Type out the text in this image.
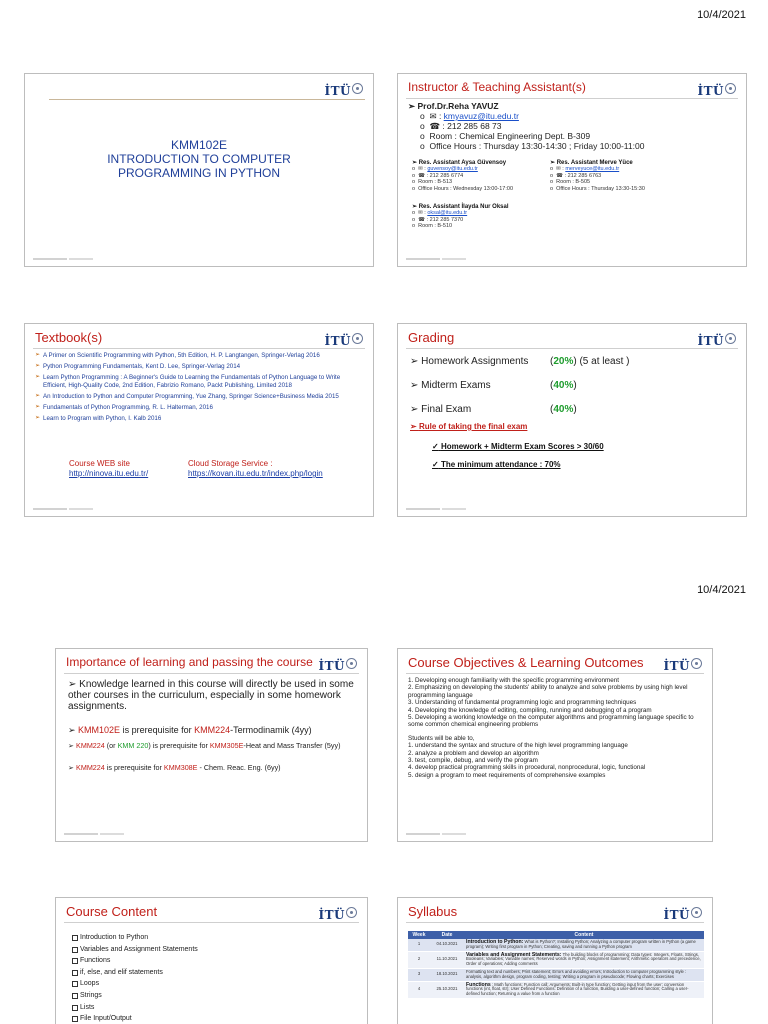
10/4/2021
10/4/2021
İTÜ
KMM102E
INTRODUCTION TO COMPUTER
PROGRAMMING IN PYTHON
Instructor & Teaching Assistant(s)	İTÜ
➢ Prof.Dr.Reha YAVUZ
o  ✉ : kmyavuz@itu.edu.tr
o  ☎ : 212 285 68 73
o  Room : Chemical Engineering Dept. B-309
o  Office Hours : Thursday 13:30-14:30 ; Friday 10:00-11:00
➢ Res. Assistant Aysa Güvensoy
o  ✉ : guvensoy@itu.edu.tr
o  ☎ : 212 285 6774
o  Room : B-513
o  Office Hours : Wednesday 13:00-17:00
➢ Res. Assistant Merve Yüce
o  ✉ : merveyuce@itu.edu.tr
o  ☎ : 212 285 6763
o  Room : B-505
o  Office Hours : Thursday 13:30-15:30
➢ Res. Assistant İlayda Nur Oksal
o  ✉ : oksal@itu.edu.tr
o  ☎ : 212 285 7370
o  Room : B-510
Textbook(s)	İTÜ
➢ A Primer on Scientific Programming with Python, 5th Edition, H. P. Langtangen, Springer-Verlag 2016
➢ Python Programming Fundamentals, Kent D. Lee, Springer-Verlag 2014
➢ Learn Python Programming : A Beginner's Guide to Learning the Fundamentals of Python Language to Write Efficient, High-Quality Code, 2nd Edition, Fabrizio Romano, Packt Publishing, Limited 2018
➢ An Introduction to Python and Computer Programming, Yue Zhang, Springer Science+Business Media 2015
➢ Fundamentals of Python Programming, R. L. Halterman, 2016
➢ Learn to Program with Python, I. Kalb 2016
Course WEB site
http://ninova.itu.edu.tr/
Cloud Storage Service :
https://kovan.itu.edu.tr/index.php/login
Grading	İTÜ
➢ Homework Assignments (20%) (5 at least )
➢ Midterm Exams	(40%)
➢ Final Exam	(40%)
➢ Rule of taking the final exam
✓ Homework + Midterm Exam Scores > 30/60
✓ The minimum attendance : 70%
Importance of learning and passing the course İTÜ
➢ Knowledge learned in this course will directly be used in some other courses in the curriculum, especially in some homework assignments.
➢ KMM102E is prerequisite for KMM224-Termodinamik (4yy)
➢ KMM224 (or KMM 220) is prerequisite for KMM305E-Heat and Mass Transfer (5yy)
➢ KMM224 is prerequisite for KMM308E - Chem. Reac. Eng. (6yy)
Course Objectives & Learning Outcomes İTÜ
1. Developing enough familiarity with the specific programming environment
2. Emphasizing on developing the students' ability to analyze and solve problems by using high level programming language
3. Understanding of fundamental programming logic and programming techniques
4. Developing the knowledge of editing, compiling, running and debugging of a program
5. Developing a working knowledge on the computer algorithms and programming language specific to some common chemical engineering problems
Students will be able to,
1. understand the syntax and structure of the high level programming language
2. analyze a problem and develop an algorithm
3. test, compile, debug, and verify the program
4. develop practical programming skills in procedural, nonprocedural, logic, functional
5. design a program to meet requirements of comprehensive examples
Course Content	İTÜ
Introduction to Python
Variables and Assignment Statements
Functions
if, else, and elif statements
Loops
Strings
Lists
File Input/Output
Syllabus	İTÜ
Week	Date	Content
1	04.10.2021	Introduction to Python: What is Python?; Installing Python; Analyzing a computer program written in Python (a game program); Writing first program in Python; Creating, saving and running a Python program
2	11.10.2021	Variables and Assignment Statements: The building blocks of programming; Data types: Integers, Floats, Strings, Booleans; Variables; Variable names; Reserved words in Python; Assignment statement; Arithmetic operators and precedence, Order of operations; Adding comments
3	18.10.2021	Formatting text and numbers; Print statement; Errors and avoiding errors; Introduction to computer programming style : analysis, algorithm design, program coding, testing; Writing a program in pseudocode; Flowing charts; Exercises
4	25.10.2021	Functions : Math functions; Function call; Arguments; Built-in type function; Getting input from the user; conversion functions (int, float, str); User Defined Functions: Definition of a function, Building a user-defined function; Calling a user-defined function; Returning a value from a function
